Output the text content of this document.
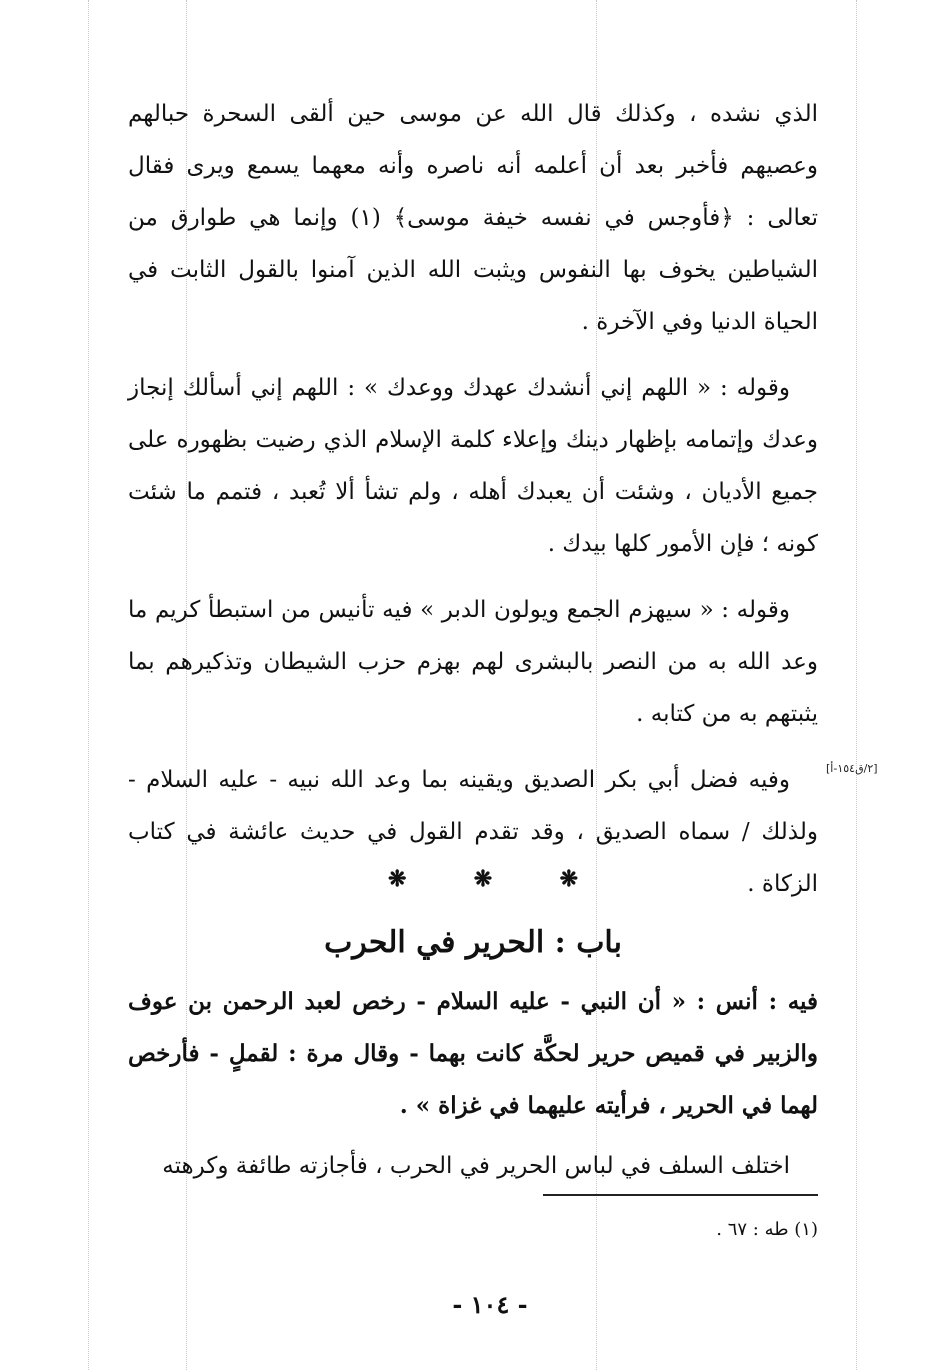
الذي نشده ، وكذلك قال الله عن موسى حين ألقى السحرة حبالهم وعصيهم فأخبر بعد أن أعلمه أنه ناصره وأنه معهما يسمع ويرى فقال تعالى : ﴿فأوجس في نفسه خيفة موسى﴾ (١) وإنما هي طوارق من الشياطين يخوف بها النفوس ويثبت الله الذين آمنوا بالقول الثابت في الحياة الدنيا وفي الآخرة .

وقوله : « اللهم إني أنشدك عهدك ووعدك » : اللهم إني أسألك إنجاز وعدك وإتمامه بإظهار دينك وإعلاء كلمة الإسلام الذي رضيت بظهوره على جميع الأديان ، وشئت أن يعبدك أهله ، ولم تشأ ألا تُعبد ، فتمم ما شئت كونه ؛ فإن الأمور كلها بيدك .

وقوله : « سيهزم الجمع ويولون الدبر » فيه تأنيس من استبطأ كريم ما وعد الله به من النصر بالبشرى لهم بهزم حزب الشيطان وتذكيرهم بما يثبتهم به من كتابه .

وفيه فضل أبي بكر الصديق ويقينه بما وعد الله نبيه - عليه السلام - ولذلك / سماه الصديق ، وقد تقدم القول في حديث عائشة في كتاب الزكاة .

[٢/ق١٥٤-أ]
❋	❋	❋
باب : الحرير في الحرب

فيه : أنس : « أن النبي - عليه السلام - رخص لعبد الرحمن بن عوف والزبير في قميص حرير لحكَّة كانت بهما - وقال مرة : لقملٍ - فأرخص لهما في الحرير ، فرأيته عليهما في غزاة » .

اختلف السلف في لباس الحرير في الحرب ، فأجازته طائفة وكرهته

(١) طه : ٦٧ .
- ١٠٤ -
